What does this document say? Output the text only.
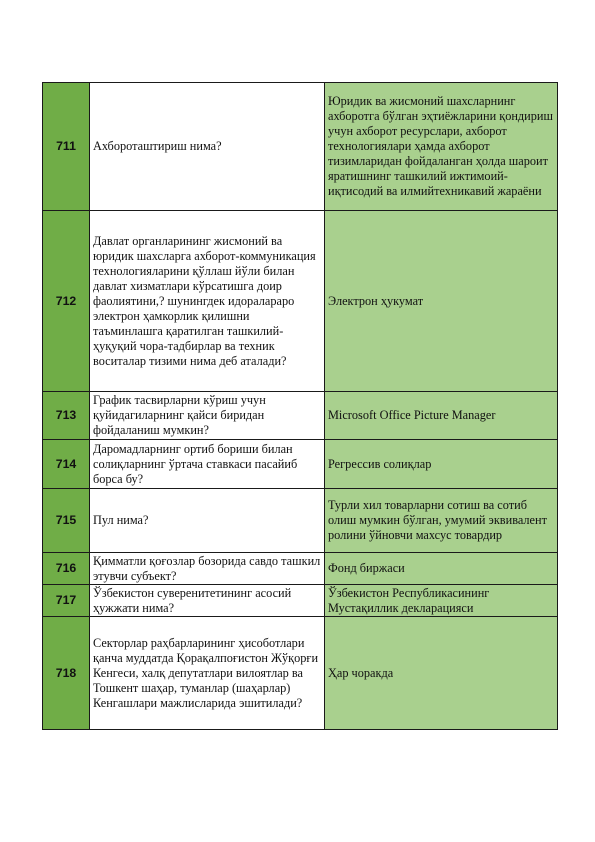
711	Ахбороташтириш нима?	Юридик ва жисмоний шахсларнинг ахборотга бўлган эҳтиёжларини қондириш учун ахборот ресурслари, ахборот технологиялари ҳамда ахборот тизимларидан фойдаланган ҳолда шароит яратишнинг ташкилий ижтимоий-иқтисодий ва илмийтехникавий жараёни
712	Давлат органларининг жисмоний ва юридик шахсларга ахборот-коммуникация технологияларини қўллаш йўли билан давлат хизматлари кўрсатишга доир фаолиятини,? шунингдек идоралараро электрон ҳамкорлик қилишни таъминлашга қаратилган ташкилий-ҳуқуқий чора-тадбирлар ва техник воситалар тизими нима деб аталади?	Электрон ҳукумат
713	График тасвирларни кўриш учун қуйидагиларнинг қайси биридан фойдаланиш мумкин?	Microsoft Office Picture Manager
714	Даромадларнинг ортиб бориши билан солиқларнинг ўртача ставкаси пасайиб борса бу?	Регрессив солиқлар
715	Пул нима?	Турли хил товарларни сотиш ва сотиб олиш мумкин бўлган, умумий эквивалент ролини ўйновчи махсус товардир
716	Қимматли қоғозлар бозорида савдо ташкил этувчи субъект?	Фонд биржаси
717	Ўзбекистон суверенитетининг асосий ҳужжати нима?	Ўзбекистон Республикасининг Мустақиллик декларацияси
718	Секторлар раҳбарларининг ҳисоботлари қанча муддатда Қорақалпоғистон Жўқорғи Кенгеси, халқ депутатлари вилоятлар ва Тошкент шаҳар, туманлар (шаҳарлар) Кенгашлари мажлисларида эшитилади?	Ҳар чоракда
